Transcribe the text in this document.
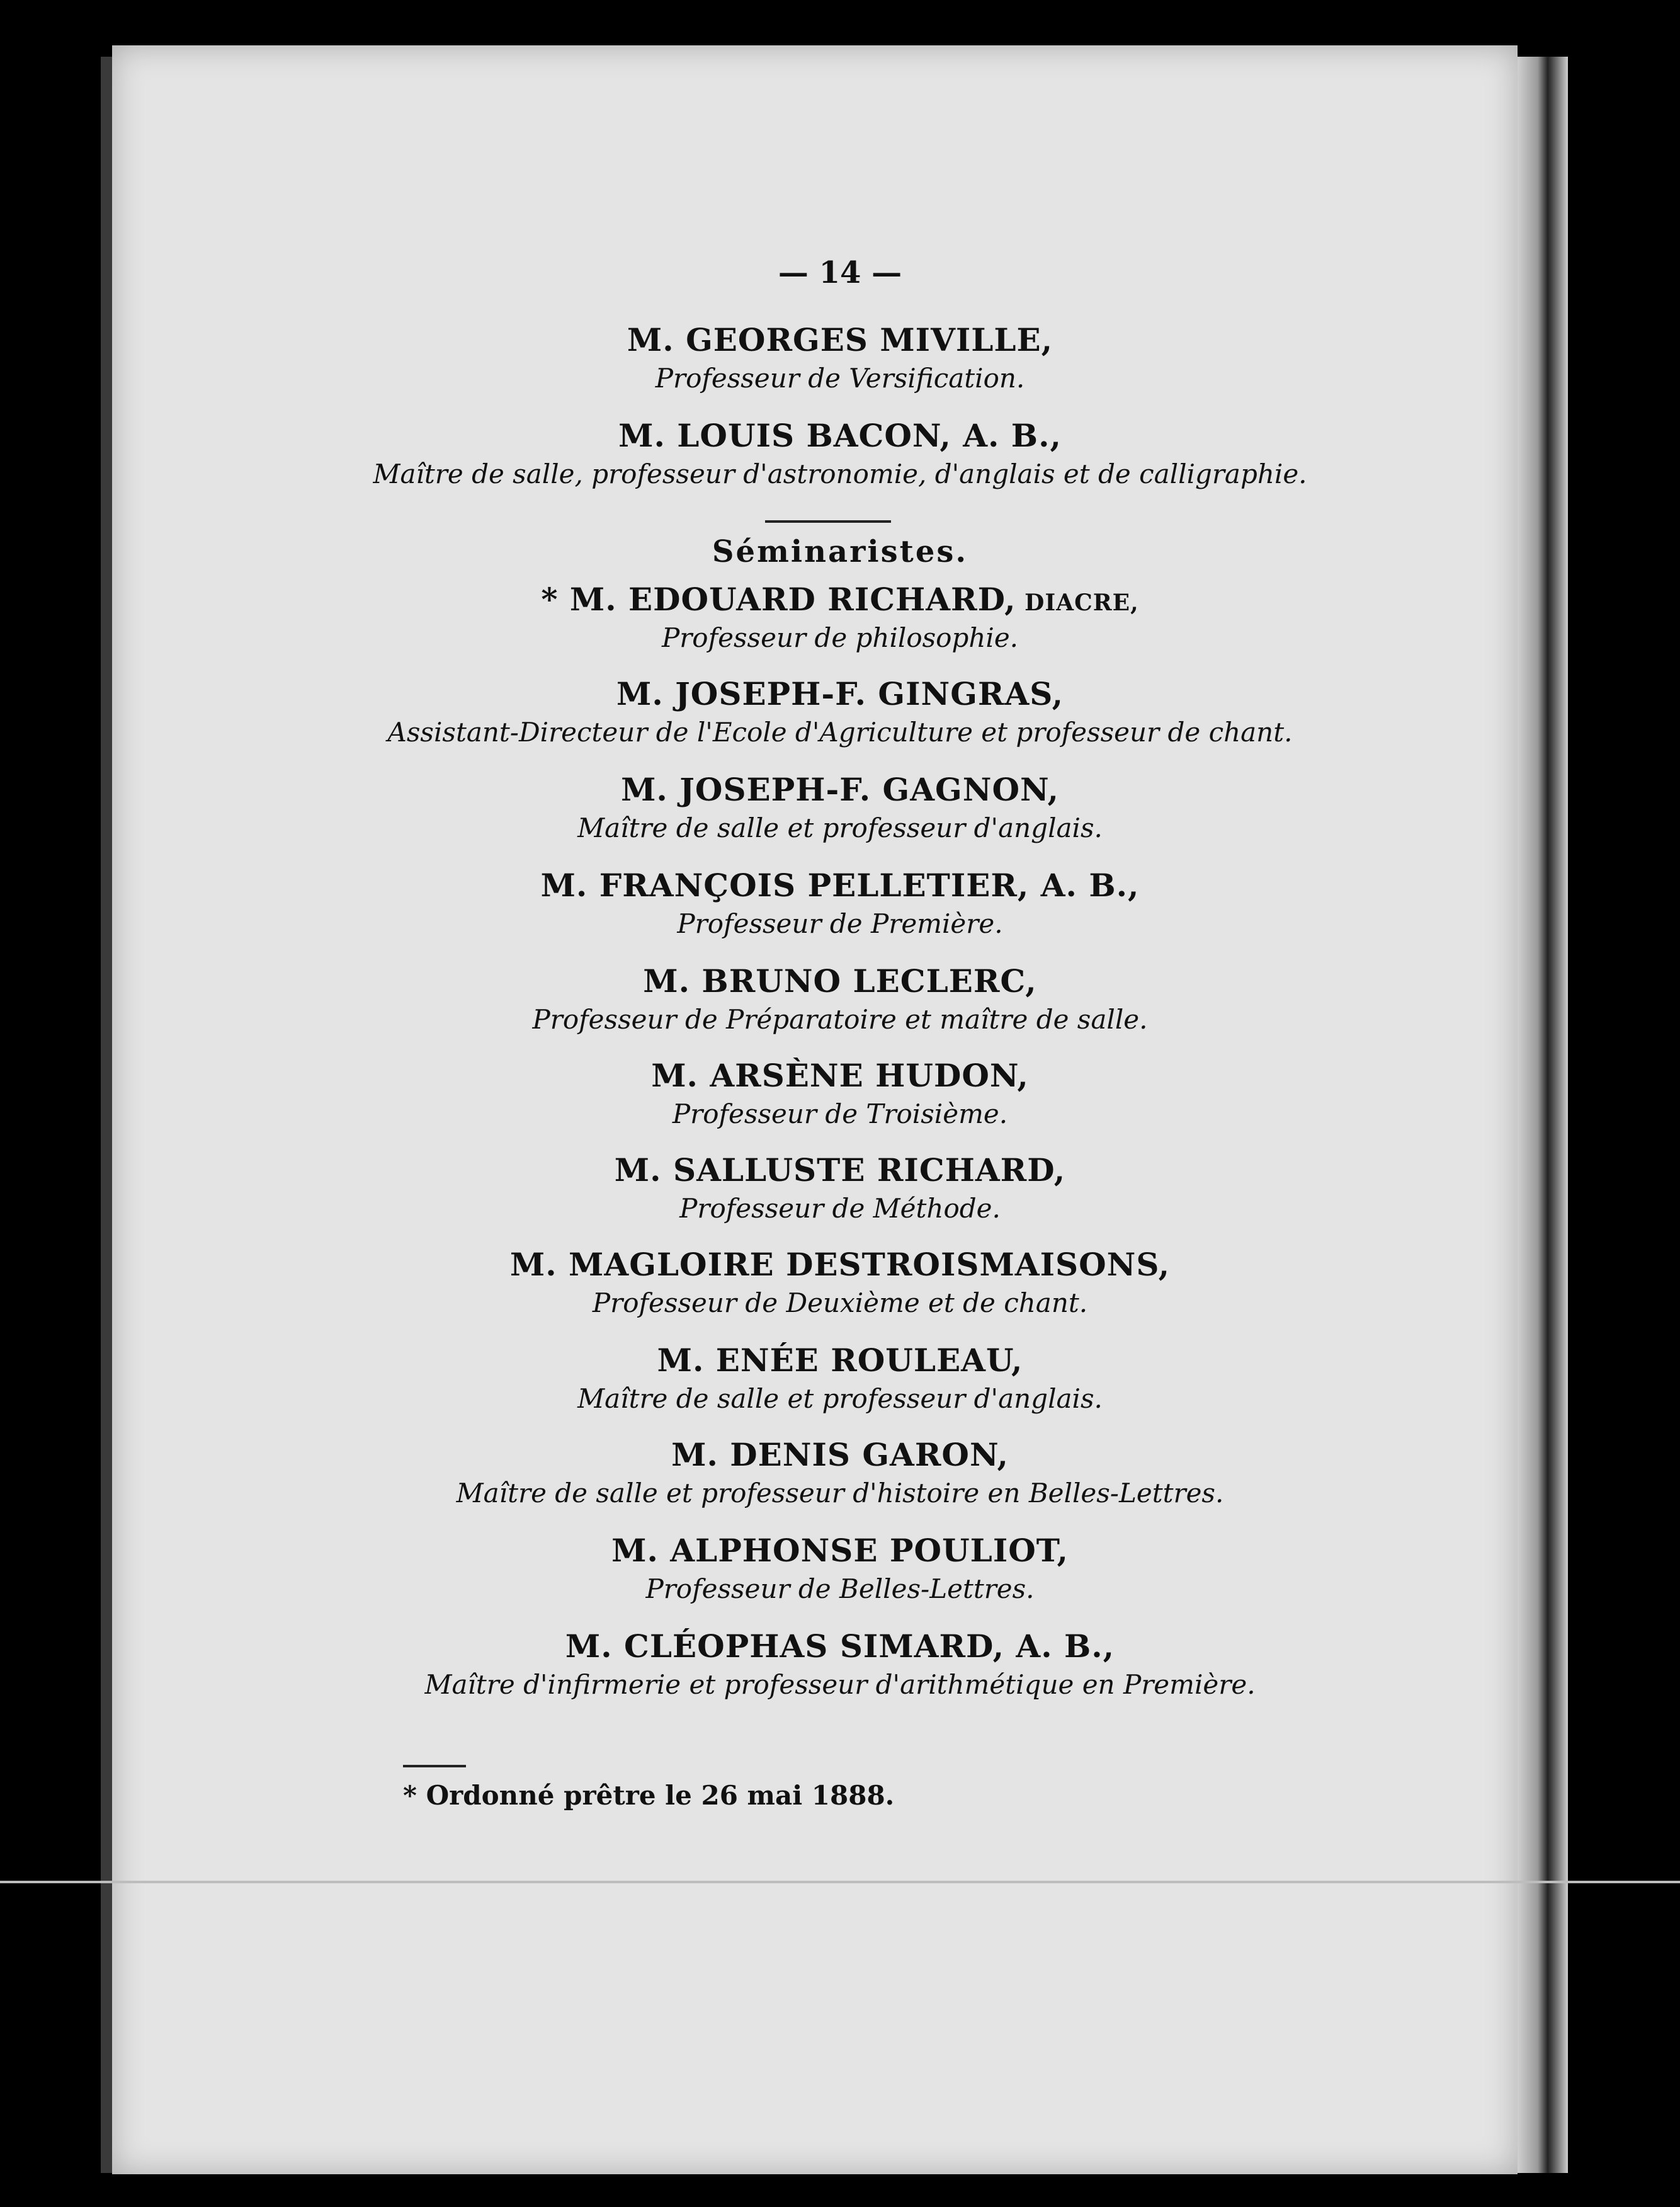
— 14 —
M. GEORGES MIVILLE,
Professeur de Versification.
M. LOUIS BACON, A. B.,
Maître de salle, professeur d'astronomie, d'anglais et de calligraphie.
Séminaristes.
* M. EDOUARD RICHARD, DIACRE,
Professeur de philosophie.
M. JOSEPH-F. GINGRAS,
Assistant-Directeur de l'Ecole d'Agriculture et professeur de chant.
M. JOSEPH-F. GAGNON,
Maître de salle et professeur d'anglais.
M. FRANÇOIS PELLETIER, A. B.,
Professeur de Première.
M. BRUNO LECLERC,
Professeur de Préparatoire et maître de salle.
M. ARSÈNE HUDON,
Professeur de Troisième.
M. SALLUSTE RICHARD,
Professeur de Méthode.
M. MAGLOIRE DESTROISMAISONS,
Professeur de Deuxième et de chant.
M. ENÉE ROULEAU,
Maître de salle et professeur d'anglais.
M. DENIS GARON,
Maître de salle et professeur d'histoire en Belles-Lettres.
M. ALPHONSE POULIOT,
Professeur de Belles-Lettres.
M. CLÉOPHAS SIMARD, A. B.,
Maître d'infirmerie et professeur d'arithmétique en Première.
* Ordonné prêtre le 26 mai 1888.
